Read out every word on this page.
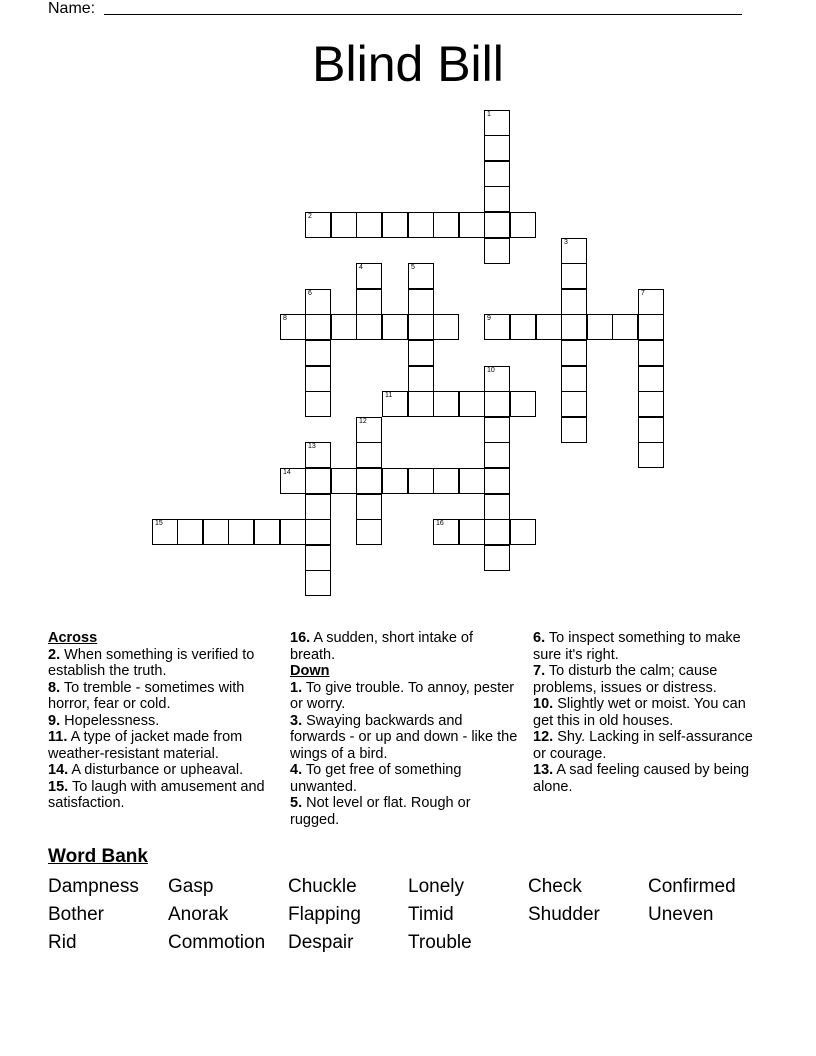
Name:
Blind Bill
1
2
3
4	5
6	7
8	9
10
11
12
13
14
15	16
Across

2. When something is verified to establish the truth.

8. To tremble - sometimes with horror, fear or cold.

9. Hopelessness.

11. A type of jacket made from weather-resistant material.

14. A disturbance or upheaval.

15. To laugh with amusement and satisfaction.

16. A sudden, short intake of breath.

Down

1. To give trouble. To annoy, pester or worry.

3. Swaying backwards and forwards - or up and down - like the wings of a bird.

4. To get free of something unwanted.

5. Not level or flat. Rough or rugged.

6. To inspect something to make sure it's right.

7. To disturb the calm; cause problems, issues or distress.

10. Slightly wet or moist. You can get this in old houses.

12. Shy. Lacking in self-assurance or courage.

13. A sad feeling caused by being alone.

Word Bank
Dampness Gasp	Chuckle	Lonely	Check	Confirmed
Bother	Anorak	Flapping Timid	Shudder	Uneven
Rid	Commotion Despair	Trouble
